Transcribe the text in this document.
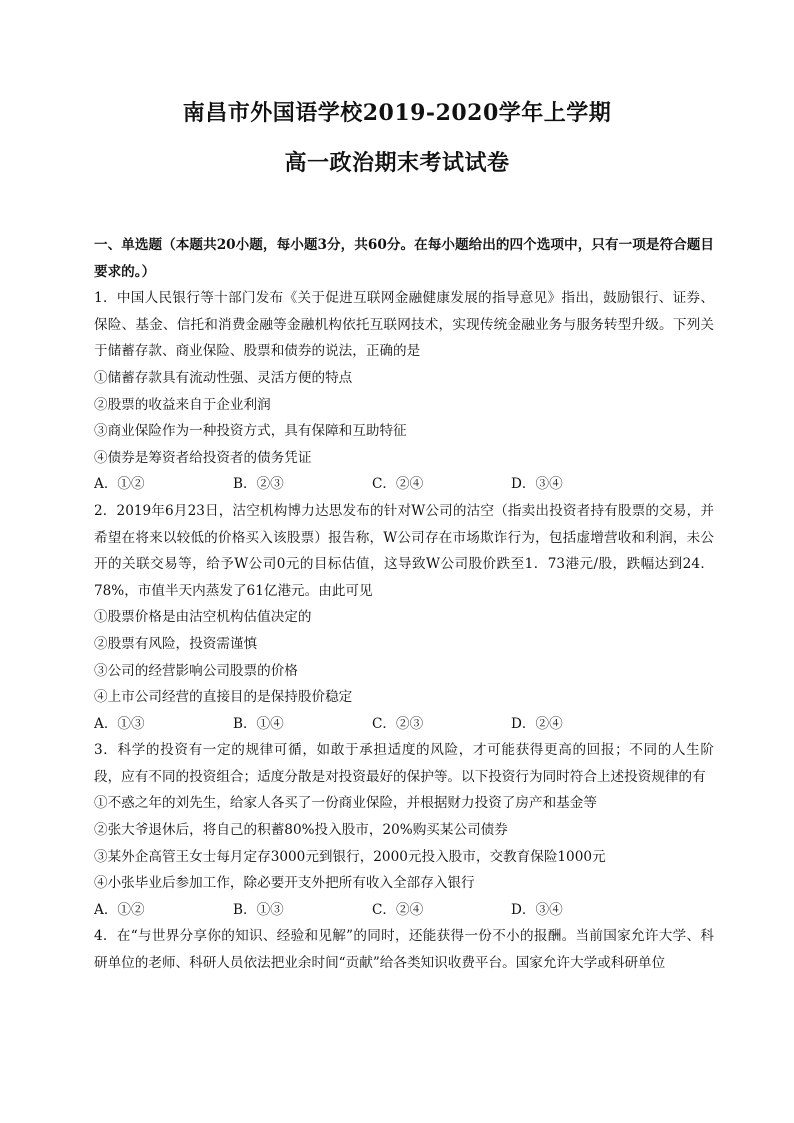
南昌市外国语学校2019-2020学年上学期
高一政治期末考试试卷
一、单选题（本题共20小题，每小题3分，共60分。在每小题给出的四个选项中，只有一项是符合题目要求的。）
1．中国人民银行等十部门发布《关于促进互联网金融健康发展的指导意见》指出，鼓励银行、证券、保险、基金、信托和消费金融等金融机构依托互联网技术，实现传统金融业务与服务转型升级。下列关于储蓄存款、商业保险、股票和债券的说法，正确的是
①储蓄存款具有流动性强、灵活方便的特点
②股票的收益来自于企业利润
③商业保险作为一种投资方式，具有保障和互助特征
④债券是筹资者给投资者的债务凭证
A．①②	B．②③	C．②④	D．③④
2．2019年6月23日，沽空机构博力达思发布的针对W公司的沽空（指卖出投资者持有股票的交易，并希望在将来以较低的价格买入该股票）报告称，W公司存在市场欺诈行为，包括虚增营收和利润，未公开的关联交易等，给予W公司0元的目标估值，这导致W公司股价跌至1．73港元/股，跌幅达到24．78%，市值半天内蒸发了61亿港元。由此可见
①股票价格是由沽空机构估值决定的
②股票有风险，投资需谨慎
③公司的经营影响公司股票的价格
④上市公司经营的直接目的是保持股价稳定
A．①③	B．①④	C．②③	D．②④
3．科学的投资有一定的规律可循，如敢于承担适度的风险，才可能获得更高的回报；不同的人生阶段，应有不同的投资组合；适度分散是对投资最好的保护等。以下投资行为同时符合上述投资规律的有
①不惑之年的刘先生，给家人各买了一份商业保险，并根据财力投资了房产和基金等
②张大爷退休后，将自己的积蓄80%投入股市，20%购买某公司债券
③某外企高管王女士每月定存3000元到银行，2000元投入股市，交教育保险1000元
④小张毕业后参加工作，除必要开支外把所有收入全部存入银行
A．①②	B．①③	C．②④	D．③④
4．在“与世界分享你的知识、经验和见解”的同时，还能获得一份不小的报酬。当前国家允许大学、科研单位的老师、科研人员依法把业余时间“贡献”给各类知识收费平台。国家允许大学或科研单位
